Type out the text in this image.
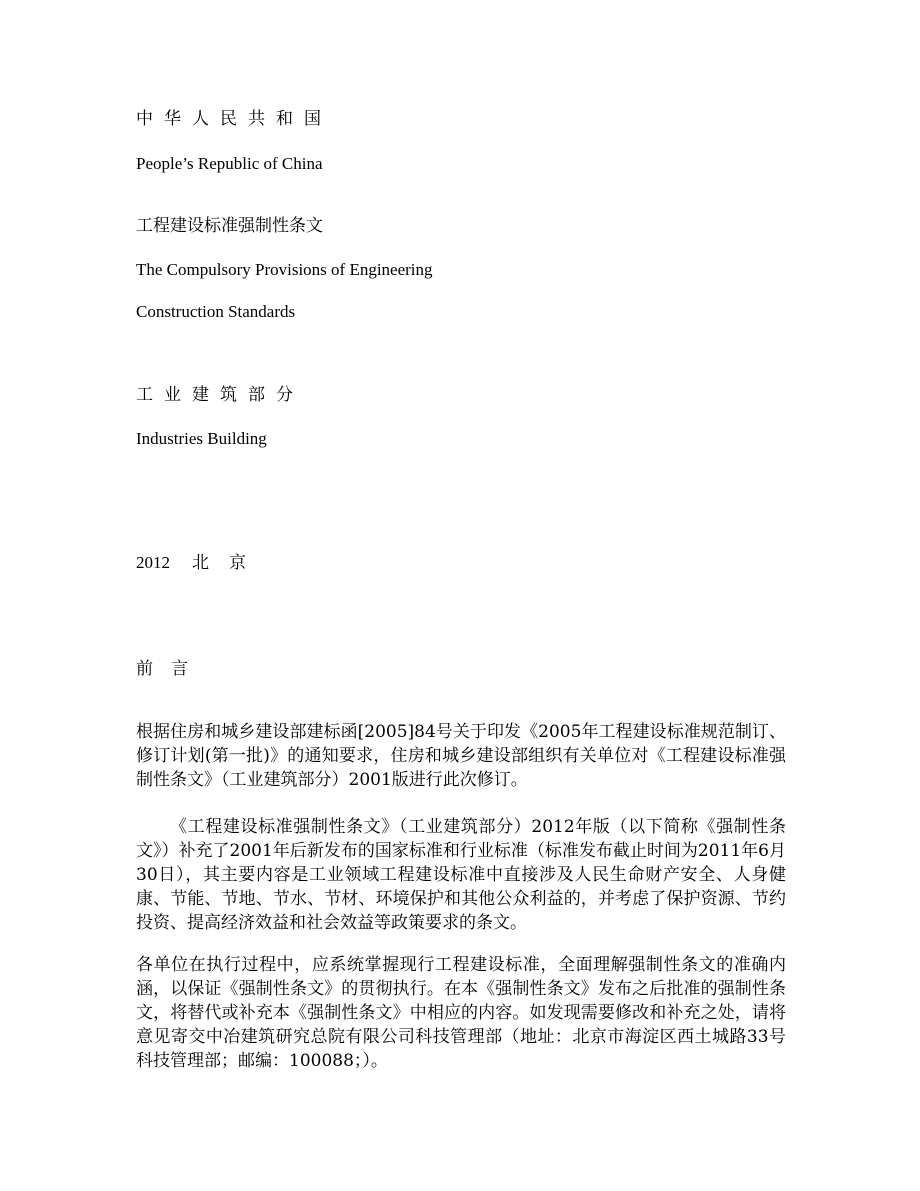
中华人民共和国

People’s Republic of China

工程建设标准强制性条文

The Compulsory Provisions of Engineering

Construction Standards

工业建筑部分

Industries Building

2012 北 京

前言

根据住房和城乡建设部建标函[2005]84号关于印发《2005年工程建设标准规范制订、修订计划(第一批)》的通知要求，住房和城乡建设部组织有关单位对《工程建设标准强制性条文》（工业建筑部分）2001版进行此次修订。

《工程建设标准强制性条文》（工业建筑部分）2012年版（以下简称《强制性条文》）补充了2001年后新发布的国家标准和行业标准（标准发布截止时间为2011年6月30日），其主要内容是工业领域工程建设标准中直接涉及人民生命财产安全、人身健康、节能、节地、节水、节材、环境保护和其他公众利益的，并考虑了保护资源、节约投资、提高经济效益和社会效益等政策要求的条文。

各单位在执行过程中，应系统掌握现行工程建设标准，全面理解强制性条文的准确内涵，以保证《强制性条文》的贯彻执行。在本《强制性条文》发布之后批准的强制性条文，将替代或补充本《强制性条文》中相应的内容。如发现需要修改和补充之处，请将意见寄交中冶建筑研究总院有限公司科技管理部（地址：北京市海淀区西土城路33号科技管理部；邮编：100088；）。
